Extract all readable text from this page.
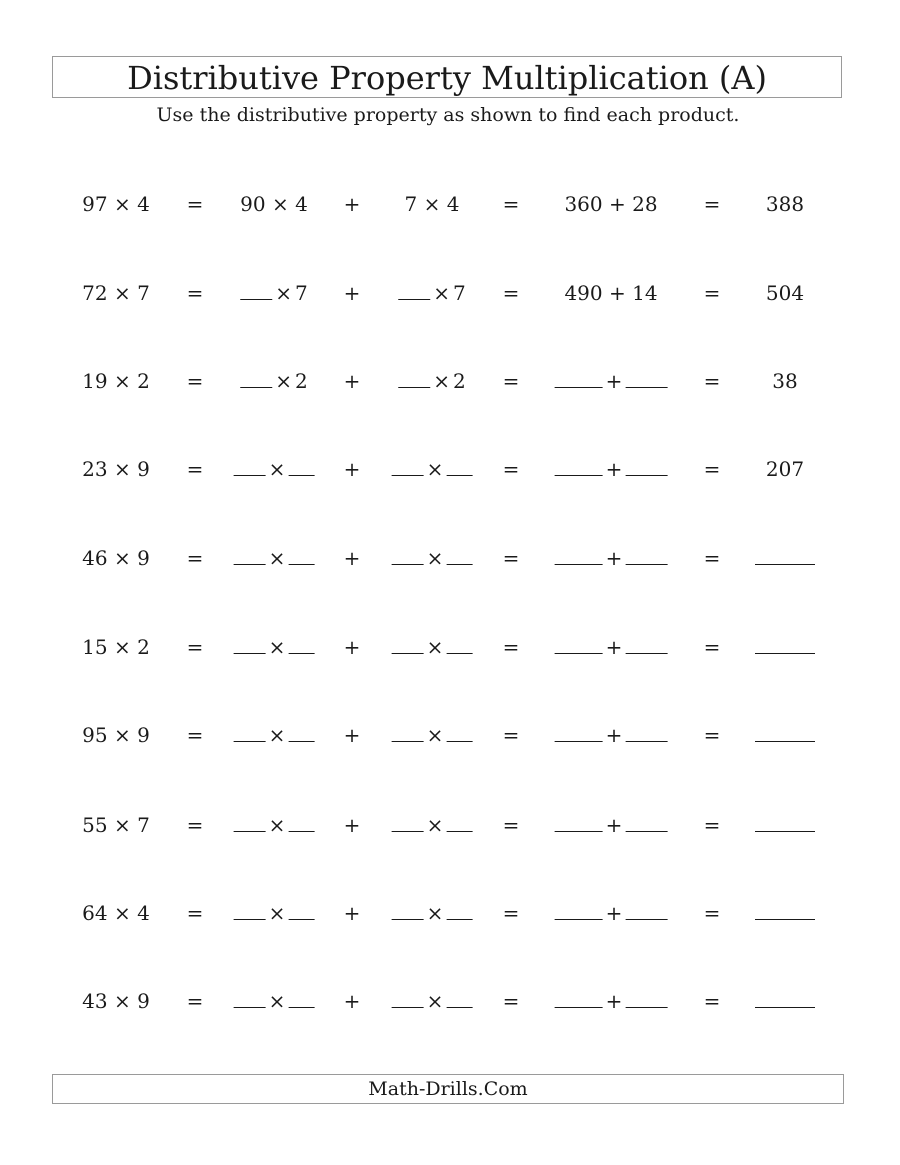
Distributive Property Multiplication (A)
Use the distributive property as shown to find each product.
97 × 4 = 90 × 4 + 7 × 4 = 360 + 28 = 388
72 × 7 =	× 7 +	× 7 = 490 + 14 = 504
19 × 2 =	× 2 +	× 2 =	+	=	38
23 × 9 =	×	+	×	=	+	= 207
46 × 9 =	×	+	×	=	+	=
15 × 2 =	×	+	×	=	+	=
95 × 9 =	×	+	×	=	+	=
55 × 7 =	×	+	×	=	+	=
64 × 4 =	×	+	×	=	+	=
43 × 9 =	×	+	×	=	+	=
Math-Drills.Com
